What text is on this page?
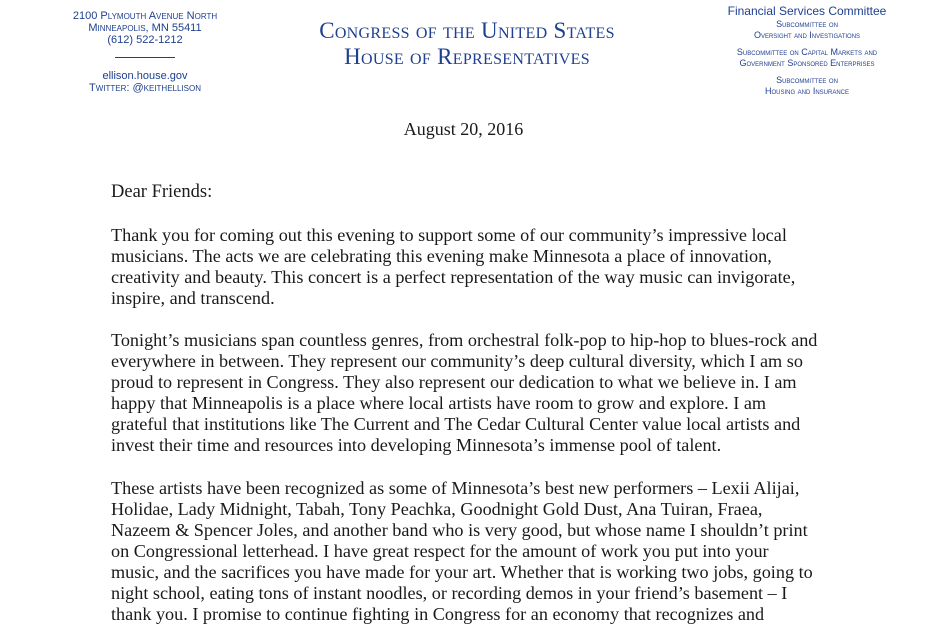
2100 Plymouth Avenue North
Minneapolis, MN 55411
(612) 522-1212
ellison.house.gov
Twitter: @keithellison
Congress of the United States
House of Representatives
Financial Services Committee
Subcommittee on
Oversight and Investigations
Subcommittee on Capital Markets and
Government Sponsored Enterprises
Subcommittee on
Housing and Insurance
August 20, 2016
Dear Friends:

Thank you for coming out this evening to support some of our community’s impressive local
musicians. The acts we are celebrating this evening make Minnesota a place of innovation,
creativity and beauty. This concert is a perfect representation of the way music can invigorate,
inspire, and transcend.

Tonight’s musicians span countless genres, from orchestral folk-pop to hip-hop to blues-rock and
everywhere in between. They represent our community’s deep cultural diversity, which I am so
proud to represent in Congress. They also represent our dedication to what we believe in. I am
happy that Minneapolis is a place where local artists have room to grow and explore. I am
grateful that institutions like The Current and The Cedar Cultural Center value local artists and
invest their time and resources into developing Minnesota’s immense pool of talent.

These artists have been recognized as some of Minnesota’s best new performers – Lexii Alijai,
Holidae, Lady Midnight, Tabah, Tony Peachka, Goodnight Gold Dust, Ana Tuiran, Fraea,
Nazeem & Spencer Joles, and another band who is very good, but whose name I shouldn’t print
on Congressional letterhead. I have great respect for the amount of work you put into your
music, and the sacrifices you have made for your art. Whether that is working two jobs, going to
night school, eating tons of instant noodles, or recording demos in your friend’s basement – I
thank you. I promise to continue fighting in Congress for an economy that recognizes and
